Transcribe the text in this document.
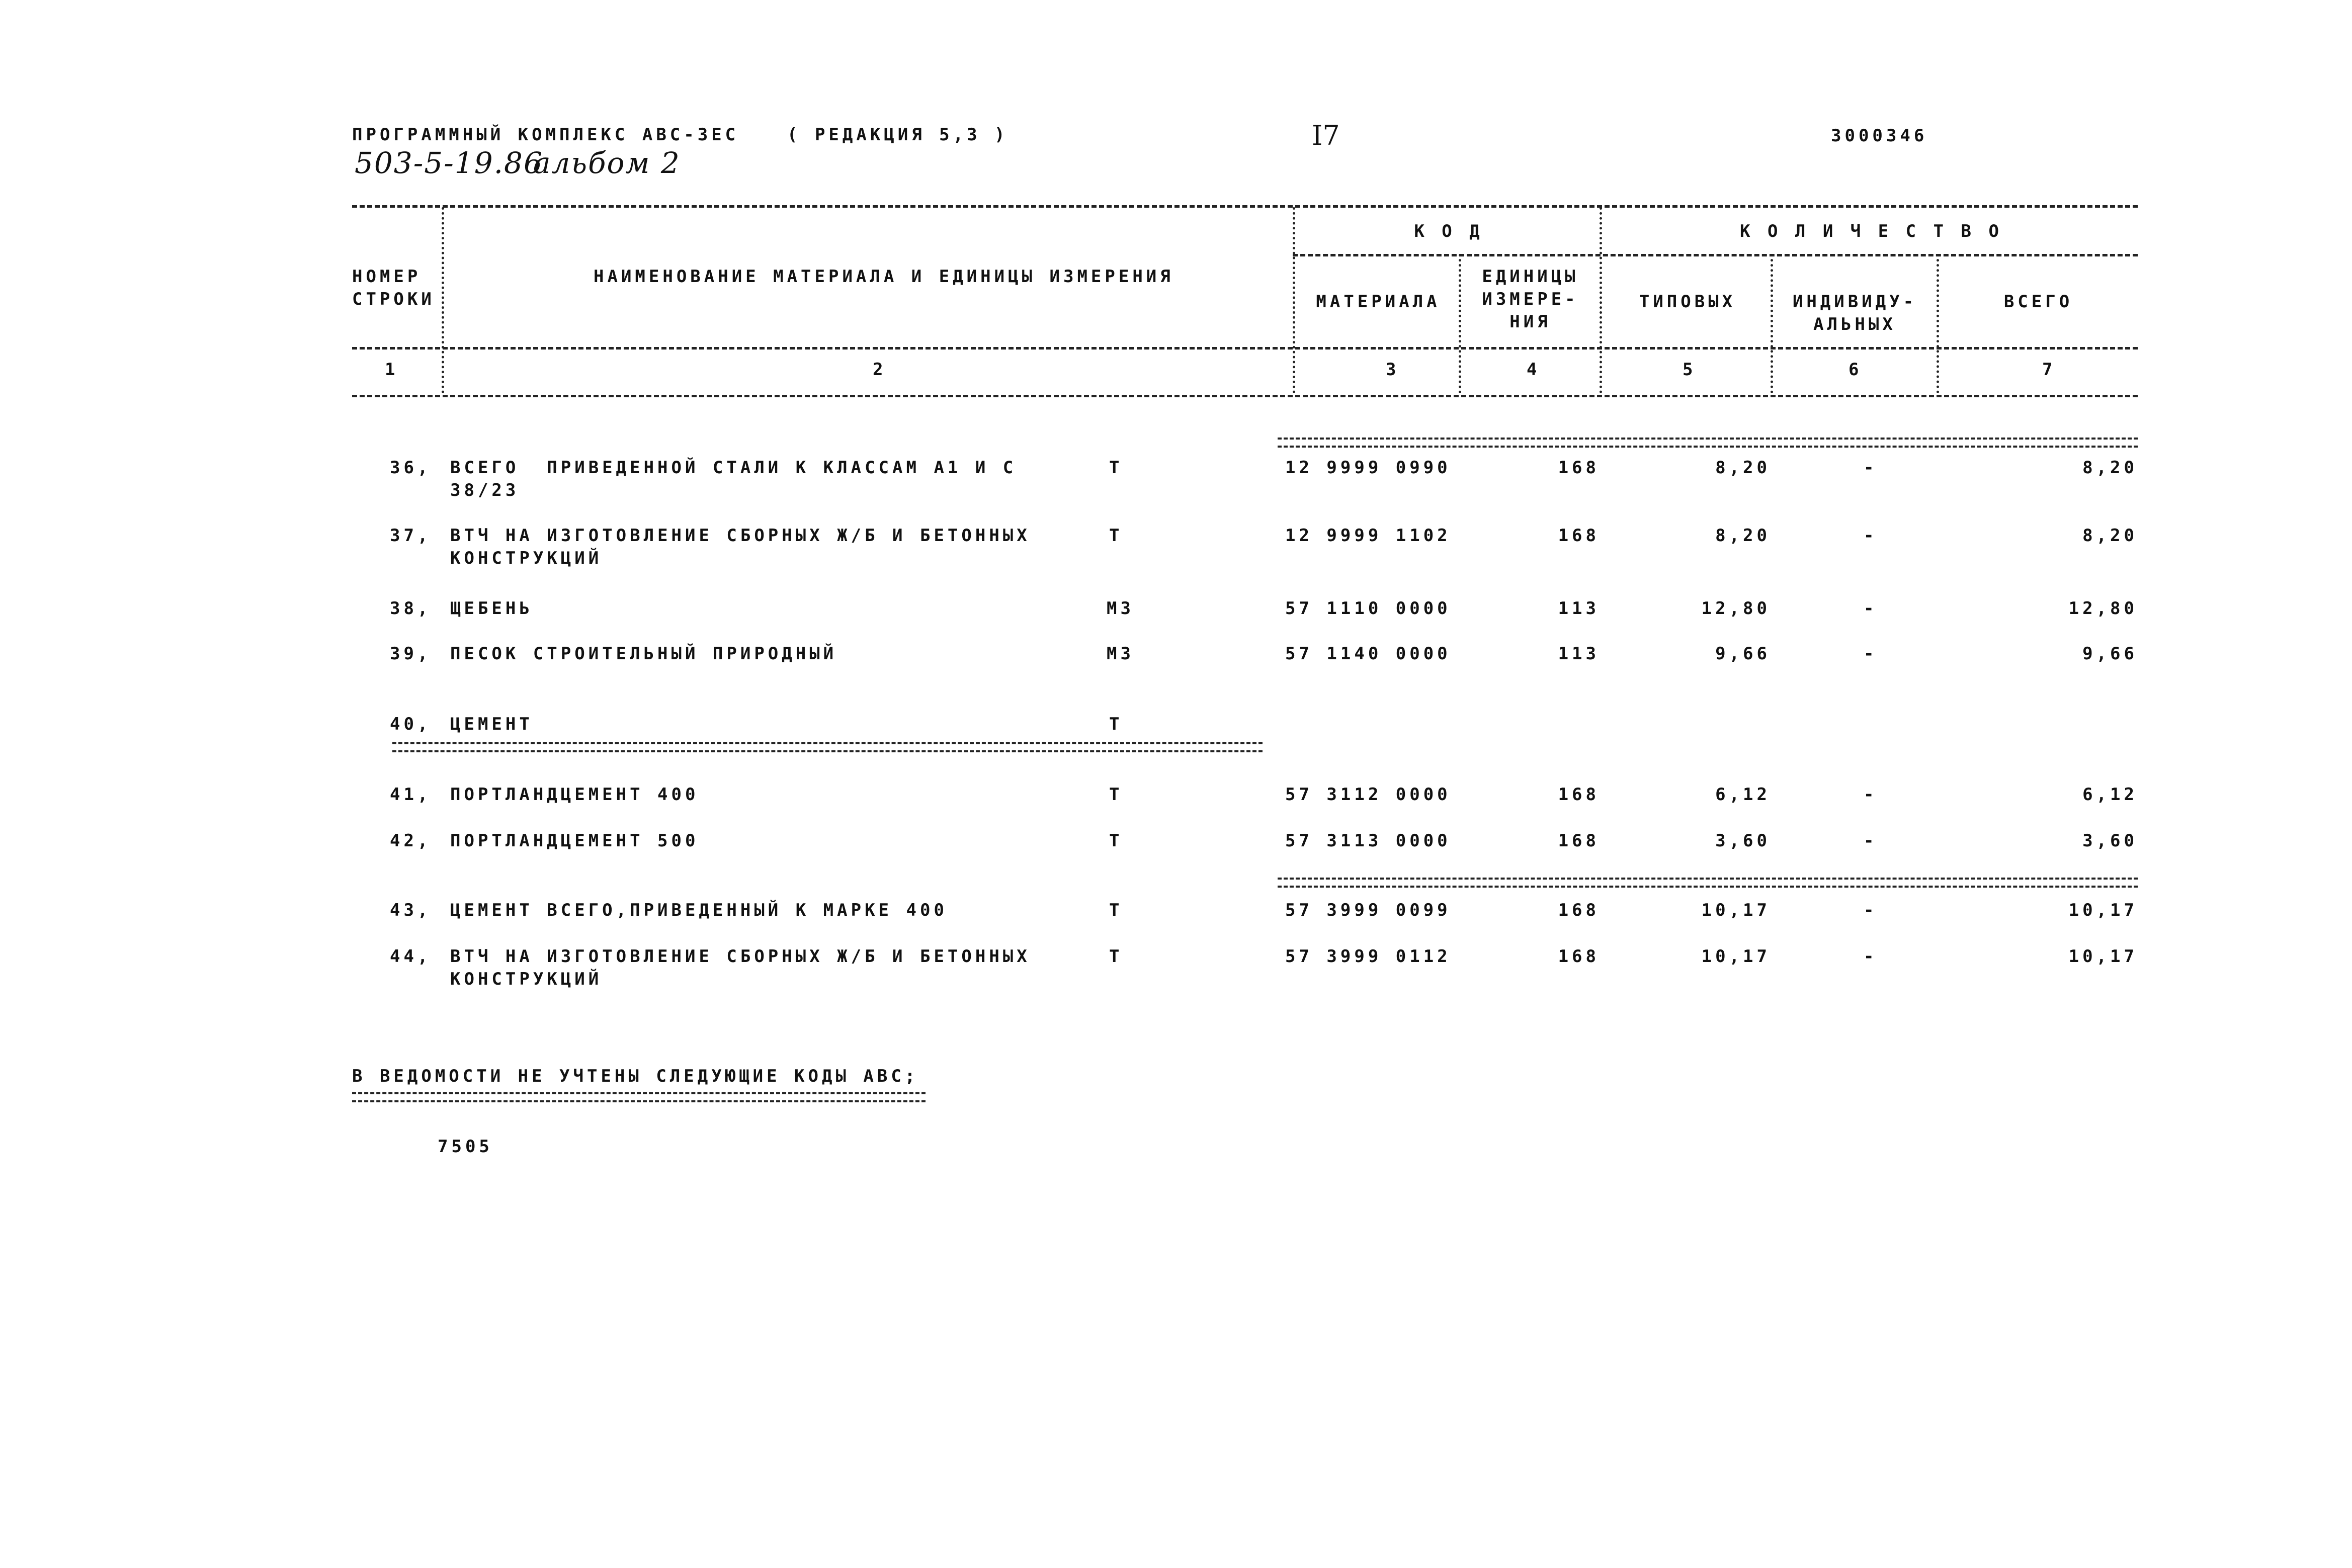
ПРОГРАММНЫЙ КОМПЛЕКС АВС-3ЕС	( РЕДАКЦИЯ 5,3 )	I7	3000346
503-5-19.86
альбом 2
НОМЕР
СТРОКИ
НАИМЕНОВАНИЕ МАТЕРИАЛА И ЕДИНИЦЫ ИЗМЕРЕНИЯ
К О Д
МАТЕРИАЛА
ЕДИНИЦЫ
ИЗМЕРЕ-
НИЯ
К О Л И Ч Е С Т В О
ТИПОВЫХ	ИНДИВИДУ-
АЛЬНЫХ
ВСЕГО
1	2	3	4	5	6	7
36, ВСЕГО  ПРИВЕДЕННОЙ СТАЛИ К КЛАССАМ А1 И С
38/23
Т	12 9999 0990	168	8,20	-	8,20
37, ВТЧ НА ИЗГОТОВЛЕНИЕ СБОРНЫХ Ж/Б И БЕТОННЫХ
КОНСТРУКЦИЙ
Т	12 9999 1102	168	8,20	-	8,20
38, ЩЕБЕНЬ	М3	57 1110 0000	113	12,80	-	12,80
39, ПЕСОК СТРОИТЕЛЬНЫЙ ПРИРОДНЫЙ	М3	57 1140 0000	113	9,66	-	9,66
40, ЦЕМЕНТ	Т
41, ПОРТЛАНДЦЕМЕНТ 400	Т	57 3112 0000	168	6,12	-	6,12
42, ПОРТЛАНДЦЕМЕНТ 500	Т	57 3113 0000	168	3,60	-	3,60
43, ЦЕМЕНТ ВСЕГО,ПРИВЕДЕННЫЙ К МАРКЕ 400	Т	57 3999 0099	168	10,17	-	10,17
44, ВТЧ НА ИЗГОТОВЛЕНИЕ СБОРНЫХ Ж/Б И БЕТОННЫХ
КОНСТРУКЦИЙ
Т	57 3999 0112	168	10,17	-	10,17
В ВЕДОМОСТИ НЕ УЧТЕНЫ СЛЕДУЮЩИЕ КОДЫ АВС;
7505
